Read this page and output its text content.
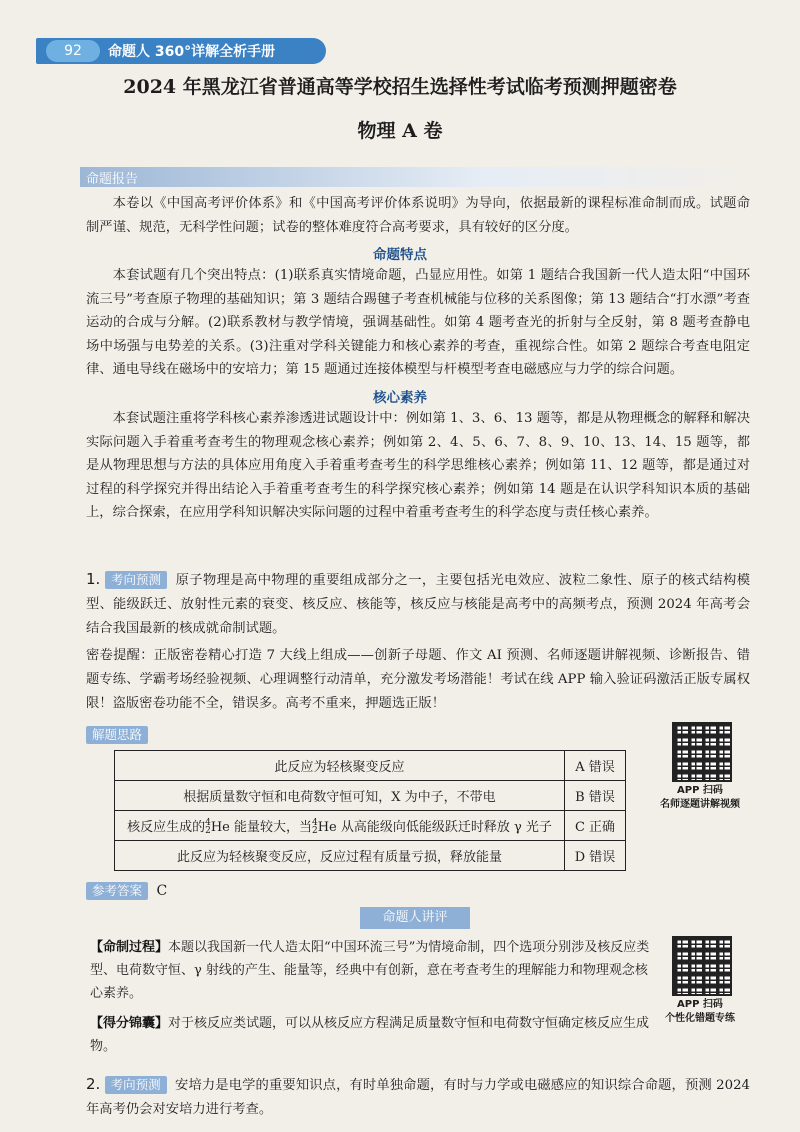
92	命题人 360°详解全析手册
2024 年黑龙江省普通高等学校招生选择性考试临考预测押题密卷
物理 A 卷
命题报告
本卷以《中国高考评价体系》和《中国高考评价体系说明》为导向，依据最新的课程标准命制而成。试题命制严谨、规范，无科学性问题；试卷的整体难度符合高考要求，具有较好的区分度。
命题特点
本套试题有几个突出特点：(1)联系真实情境命题，凸显应用性。如第 1 题结合我国新一代人造太阳“中国环流三号”考查原子物理的基础知识；第 3 题结合踢毽子考查机械能与位移的关系图像；第 13 题结合“打水漂”考查运动的合成与分解。(2)联系教材与教学情境，强调基础性。如第 4 题考查光的折射与全反射，第 8 题考查静电场中场强与电势差的关系。(3)注重对学科关键能力和核心素养的考查，重视综合性。如第 2 题综合考查电阻定律、通电导线在磁场中的安培力；第 15 题通过连接体模型与杆模型考查电磁感应与力学的综合问题。
核心素养
本套试题注重将学科核心素养渗透进试题设计中：例如第 1、3、6、13 题等，都是从物理概念的解释和解决实际问题入手着重考查考生的物理观念核心素养；例如第 2、4、5、6、7、8、9、10、13、14、15 题等，都是从物理思想与方法的具体应用角度入手着重考查考生的科学思维核心素养；例如第 11、12 题等，都是通过对过程的科学探究并得出结论入手着重考查考生的科学探究核心素养；例如第 14 题是在认识学科知识本质的基础上，综合探索，在应用学科知识解决实际问题的过程中着重考查考生的科学态度与责任核心素养。
1. 考向预测 原子物理是高中物理的重要组成部分之一，主要包括光电效应、波粒二象性、原子的核式结构模型、能级跃迁、放射性元素的衰变、核反应、核能等，核反应与核能是高考中的高频考点，预测 2024 年高考会结合我国最新的核成就命制试题。
密卷提醒：正版密卷精心打造 7 大线上组成——创新子母题、作文 AI 预测、名师逐题讲解视频、诊断报告、错题专练、学霸考场经验视频、心理调整行动清单，充分激发考场潜能！考试在线 APP 输入验证码激活正版专属权限！盗版密卷功能不全，错误多。高考不重来，押题选正版！
解题思路
此反应为轻核聚变反应	A 错误
根据质量数守恒和电荷数守恒可知，X 为中子，不带电	B 错误
核反应生成的4
2He 能量较大，当4
2He 从高能级向低能级跃迁时释放 γ 光子	C 正确
此反应为轻核聚变反应，反应过程有质量亏损，释放能量	D 错误
APP 扫码
名师逐题讲解视频
参考答案 C
命题人讲评
【命制过程】本题以我国新一代人造太阳“中国环流三号”为情境命制，四个选项分别涉及核反应类型、电荷数守恒、γ 射线的产生、能量等，经典中有创新，意在考查考生的理解能力和物理观念核心素养。
【得分锦囊】对于核反应类试题，可以从核反应方程满足质量数守恒和电荷数守恒确定核反应生成物。
APP 扫码
个性化错题专练
2. 考向预测 安培力是电学的重要知识点，有时单独命题，有时与力学或电磁感应的知识综合命题，预测 2024 年高考仍会对安培力进行考查。
